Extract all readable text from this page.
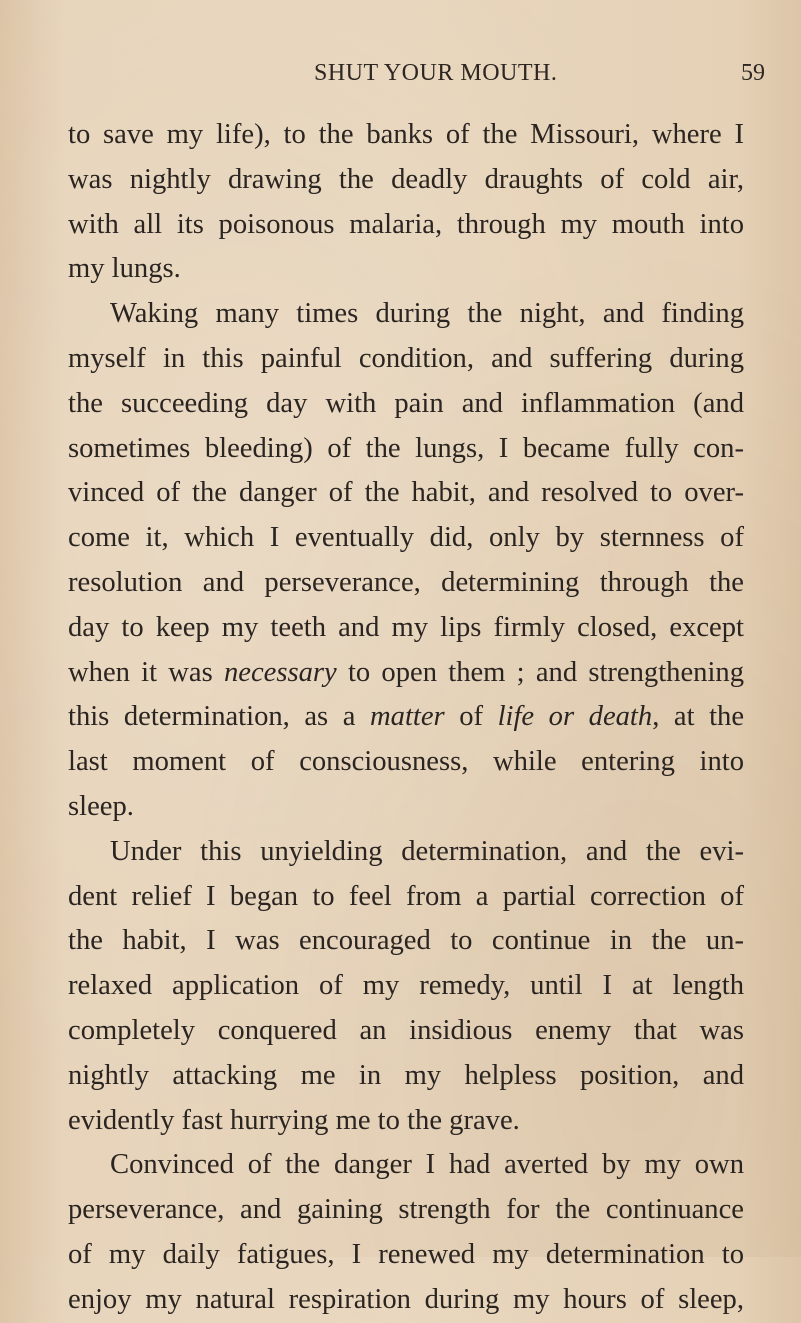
SHUT YOUR MOUTH.	59
to save my life), to the banks of the Missouri, where I
was nightly drawing the deadly draughts of cold air,
with all its poisonous malaria, through my mouth into
my lungs.
Waking many times during the night, and finding
myself in this painful condition, and suffering during
the succeeding day with pain and inflammation (and
sometimes bleeding) of the lungs, I became fully con-
vinced of the danger of the habit, and resolved to over-
come it, which I eventually did, only by sternness of
resolution and perseverance, determining through the
day to keep my teeth and my lips firmly closed, except
when it was necessary to open them ; and strengthening
this determination, as a matter of life or death, at the
last moment of consciousness, while entering into
sleep.
Under this unyielding determination, and the evi-
dent relief I began to feel from a partial correction of
the habit, I was encouraged to continue in the un-
relaxed application of my remedy, until I at length
completely conquered an insidious enemy that was
nightly attacking me in my helpless position, and
evidently fast hurrying me to the grave.
Convinced of the danger I had averted by my own
perseverance, and gaining strength for the continuance
of my daily fatigues, I renewed my determination to
enjoy my natural respiration during my hours of sleep,
